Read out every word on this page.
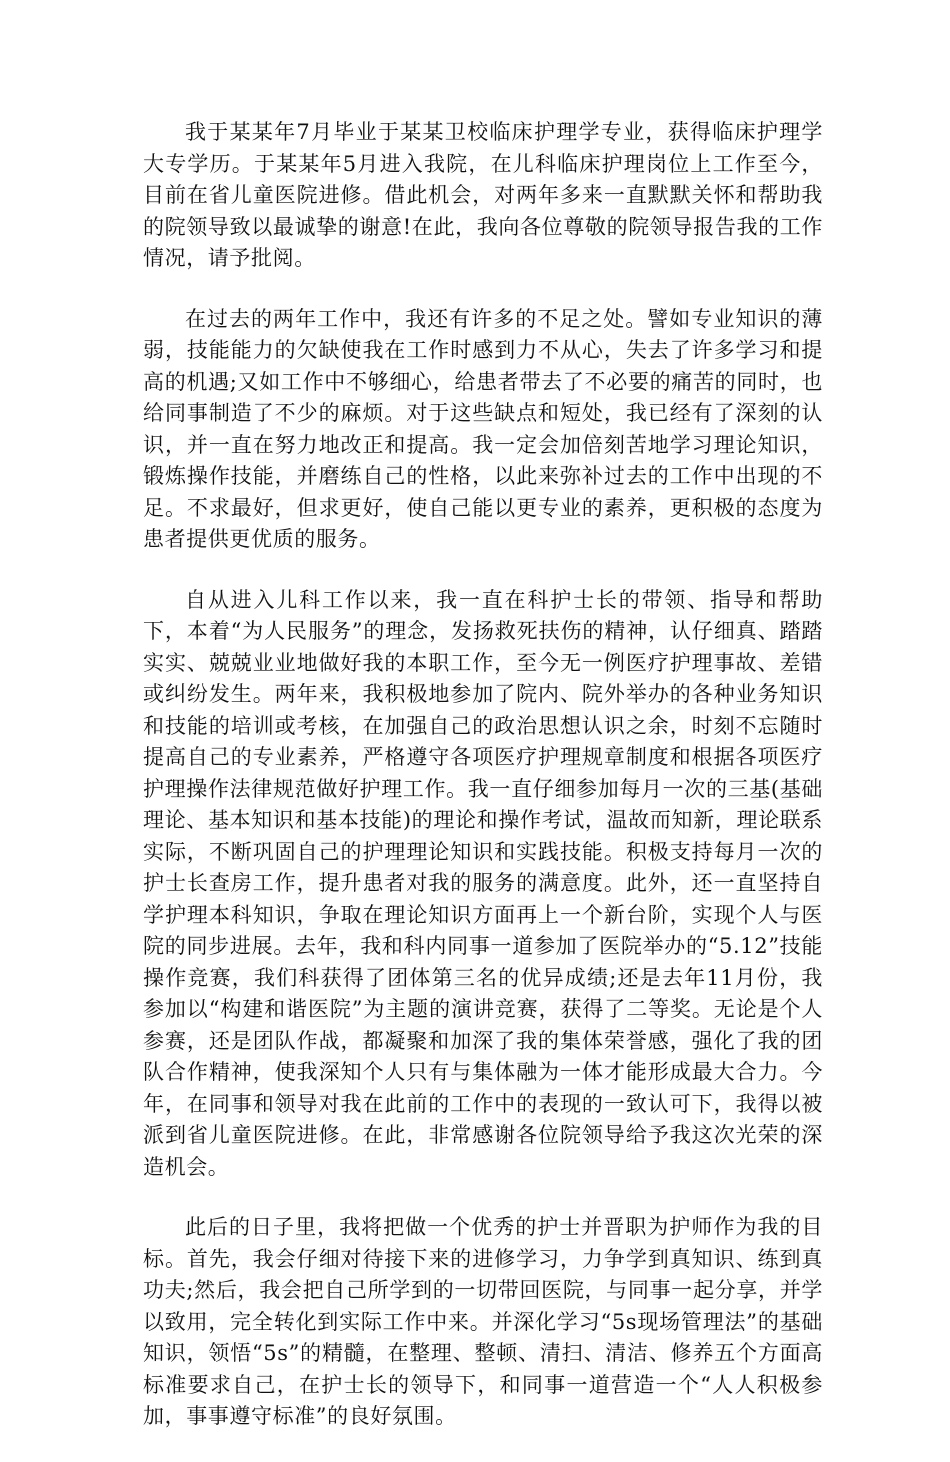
我于某某年7月毕业于某某卫校临床护理学专业，获得临床护理学大专学历。于某某年5月进入我院，在儿科临床护理岗位上工作至今，目前在省儿童医院进修。借此机会，对两年多来一直默默关怀和帮助我的院领导致以最诚挚的谢意!在此，我向各位尊敬的院领导报告我的工作情况，请予批阅。

在过去的两年工作中，我还有许多的不足之处。譬如专业知识的薄弱，技能能力的欠缺使我在工作时感到力不从心，失去了许多学习和提高的机遇;又如工作中不够细心，给患者带去了不必要的痛苦的同时，也给同事制造了不少的麻烦。对于这些缺点和短处，我已经有了深刻的认识，并一直在努力地改正和提高。我一定会加倍刻苦地学习理论知识，锻炼操作技能，并磨练自己的性格，以此来弥补过去的工作中出现的不足。不求最好，但求更好，使自己能以更专业的素养，更积极的态度为患者提供更优质的服务。

自从进入儿科工作以来，我一直在科护士长的带领、指导和帮助下，本着“为人民服务”的理念，发扬救死扶伤的精神，认仔细真、踏踏实实、兢兢业业地做好我的本职工作，至今无一例医疗护理事故、差错或纠纷发生。两年来，我积极地参加了院内、院外举办的各种业务知识和技能的培训或考核，在加强自己的政治思想认识之余，时刻不忘随时提高自己的专业素养，严格遵守各项医疗护理规章制度和根据各项医疗护理操作法律规范做好护理工作。我一直仔细参加每月一次的三基(基础理论、基本知识和基本技能)的理论和操作考试，温故而知新，理论联系实际，不断巩固自己的护理理论知识和实践技能。积极支持每月一次的护士长查房工作，提升患者对我的服务的满意度。此外，还一直坚持自学护理本科知识，争取在理论知识方面再上一个新台阶，实现个人与医院的同步进展。去年，我和科内同事一道参加了医院举办的“5.12”技能操作竞赛，我们科获得了团体第三名的优异成绩;还是去年11月份，我参加以“构建和谐医院”为主题的演讲竞赛，获得了二等奖。无论是个人参赛，还是团队作战，都凝聚和加深了我的集体荣誉感，强化了我的团队合作精神，使我深知个人只有与集体融为一体才能形成最大合力。今年，在同事和领导对我在此前的工作中的表现的一致认可下，我得以被派到省儿童医院进修。在此，非常感谢各位院领导给予我这次光荣的深造机会。

此后的日子里，我将把做一个优秀的护士并晋职为护师作为我的目标。首先，我会仔细对待接下来的进修学习，力争学到真知识、练到真功夫;然后，我会把自己所学到的一切带回医院，与同事一起分享，并学以致用，完全转化到实际工作中来。并深化学习“5s现场管理法”的基础知识，领悟“5s”的精髓，在整理、整顿、清扫、清洁、修养五个方面高标准要求自己，在护士长的领导下，和同事一道营造一个“人人积极参加，事事遵守标准”的良好氛围。
